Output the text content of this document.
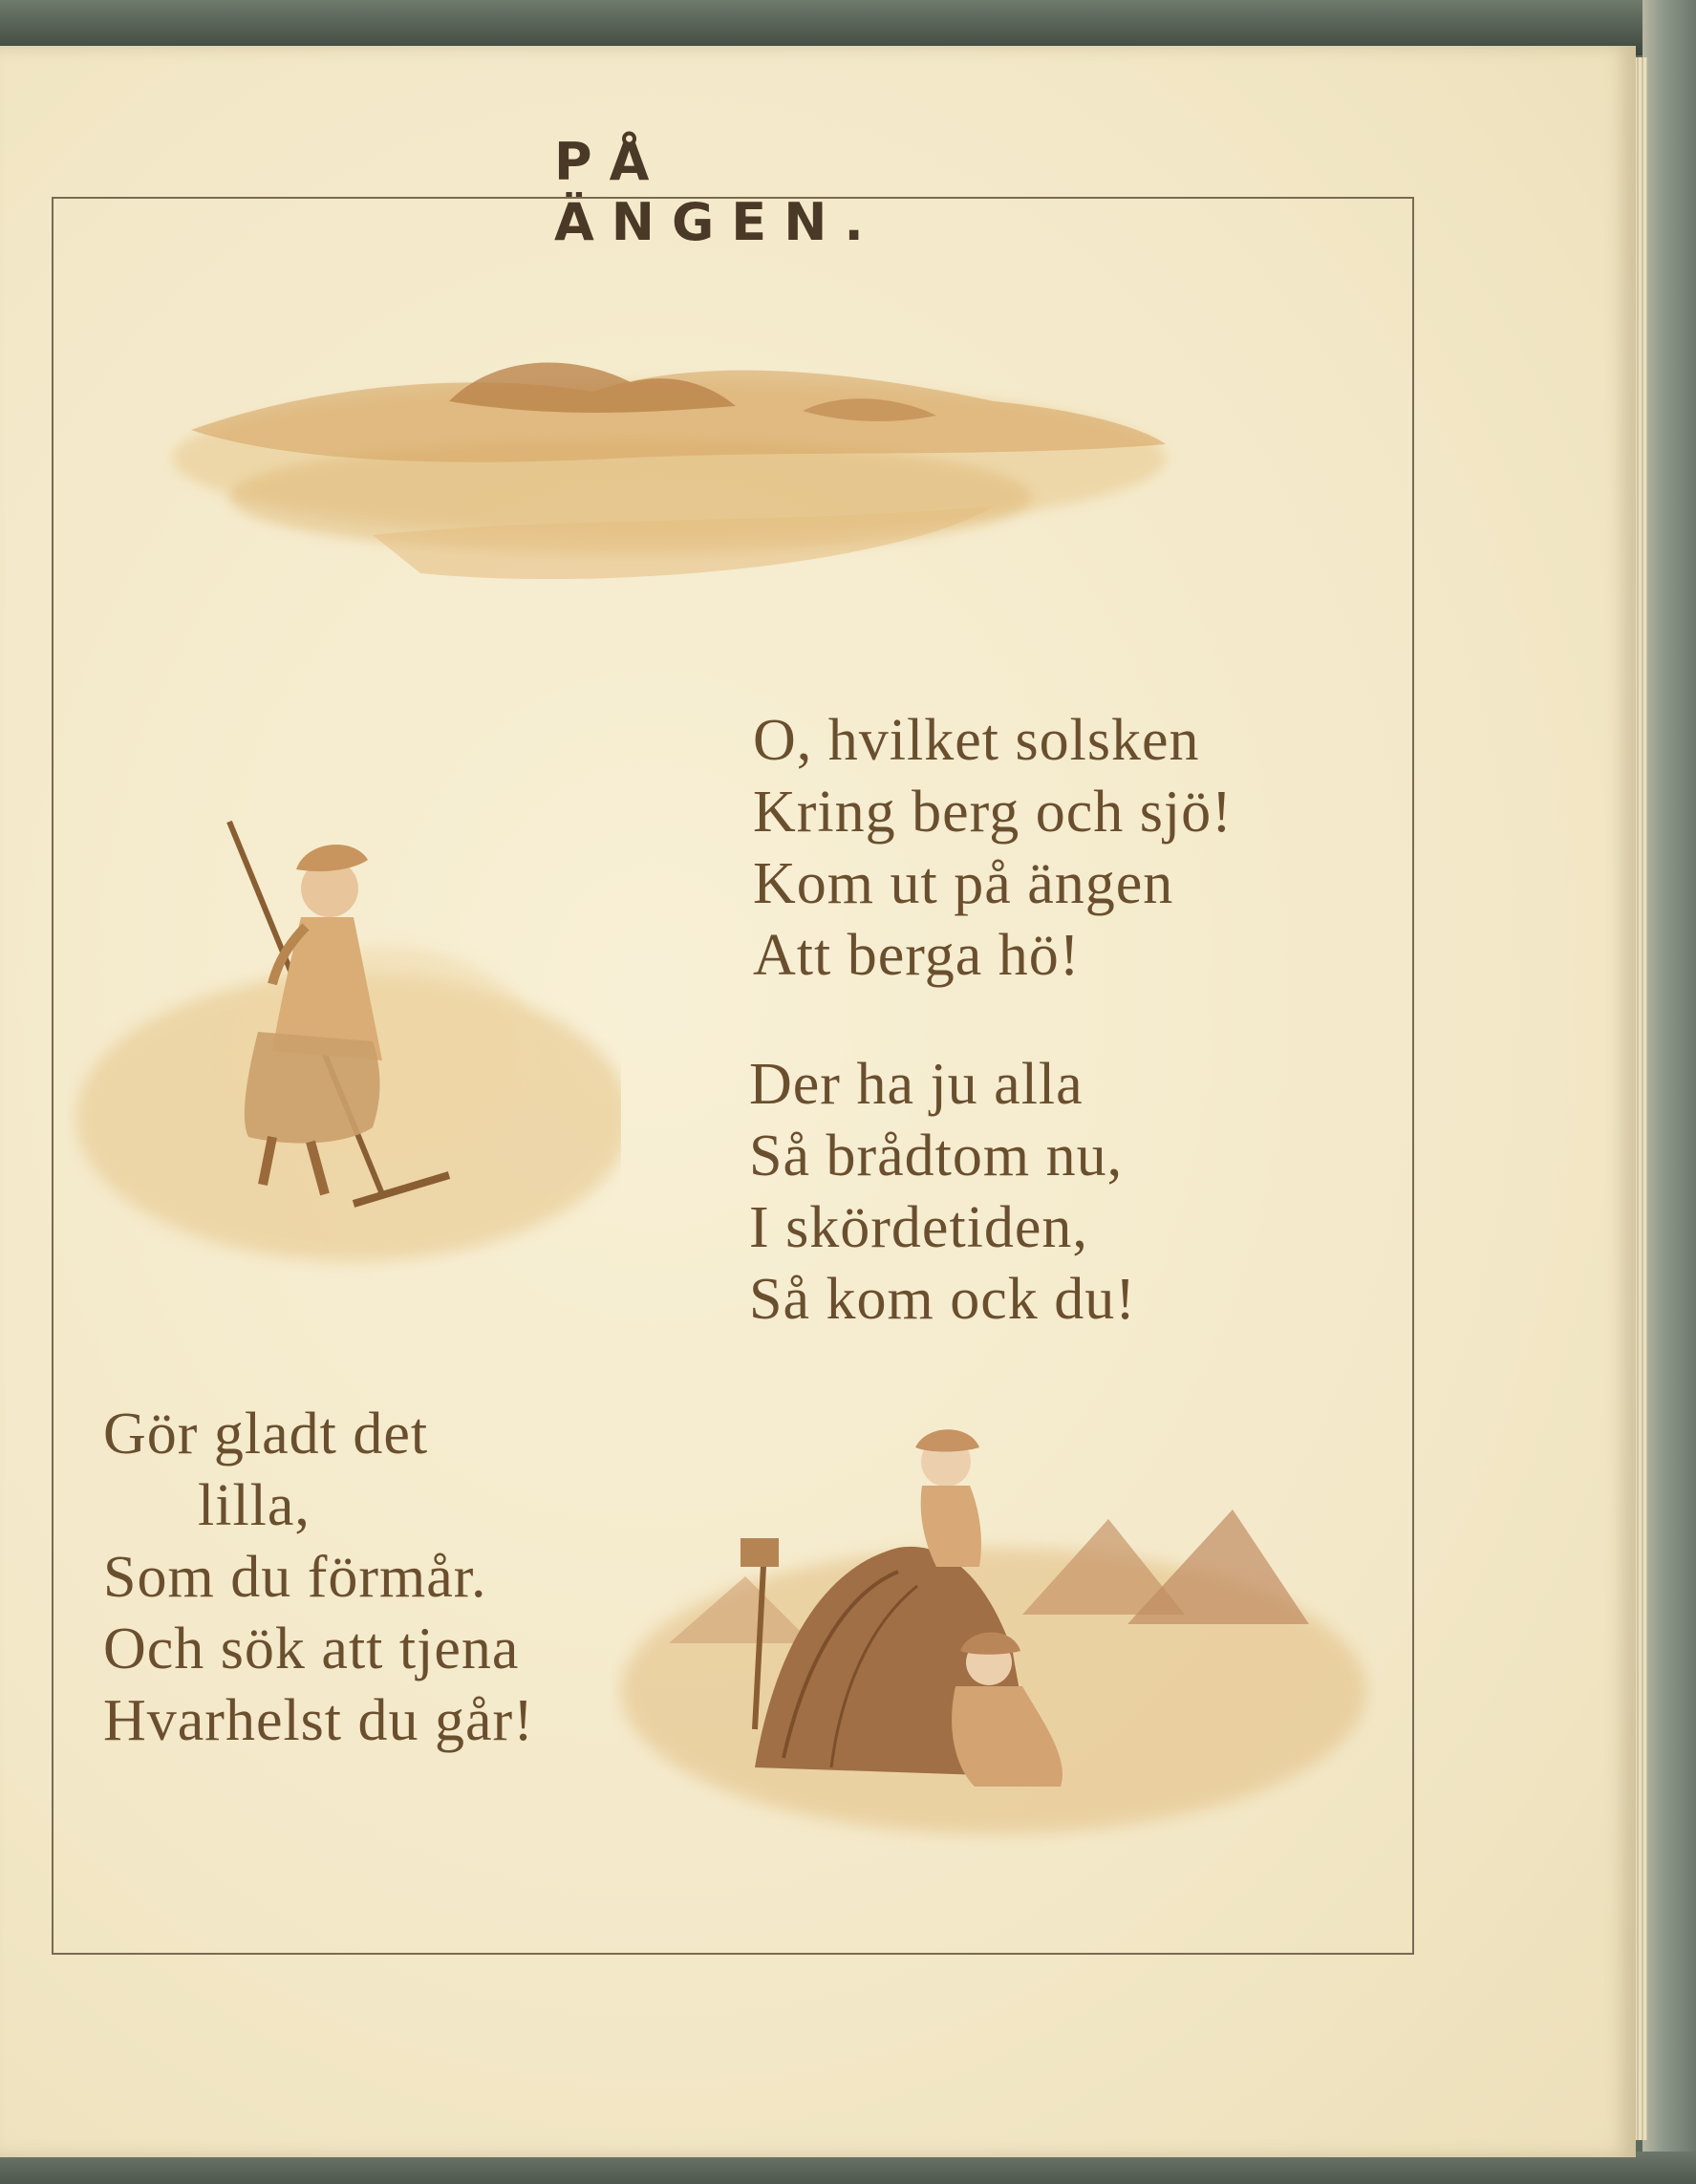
PÅ ÄNGEN.
O, hvilket solsken
Kring berg och sjö!
Kom ut på ängen
Att berga hö!
Der ha ju alla
Så brådtom nu,
I skördetiden,
Så kom ock du!
Gör gladt det
lilla,
Som du förmår.
Och sök att tjena
Hvarhelst du går!
